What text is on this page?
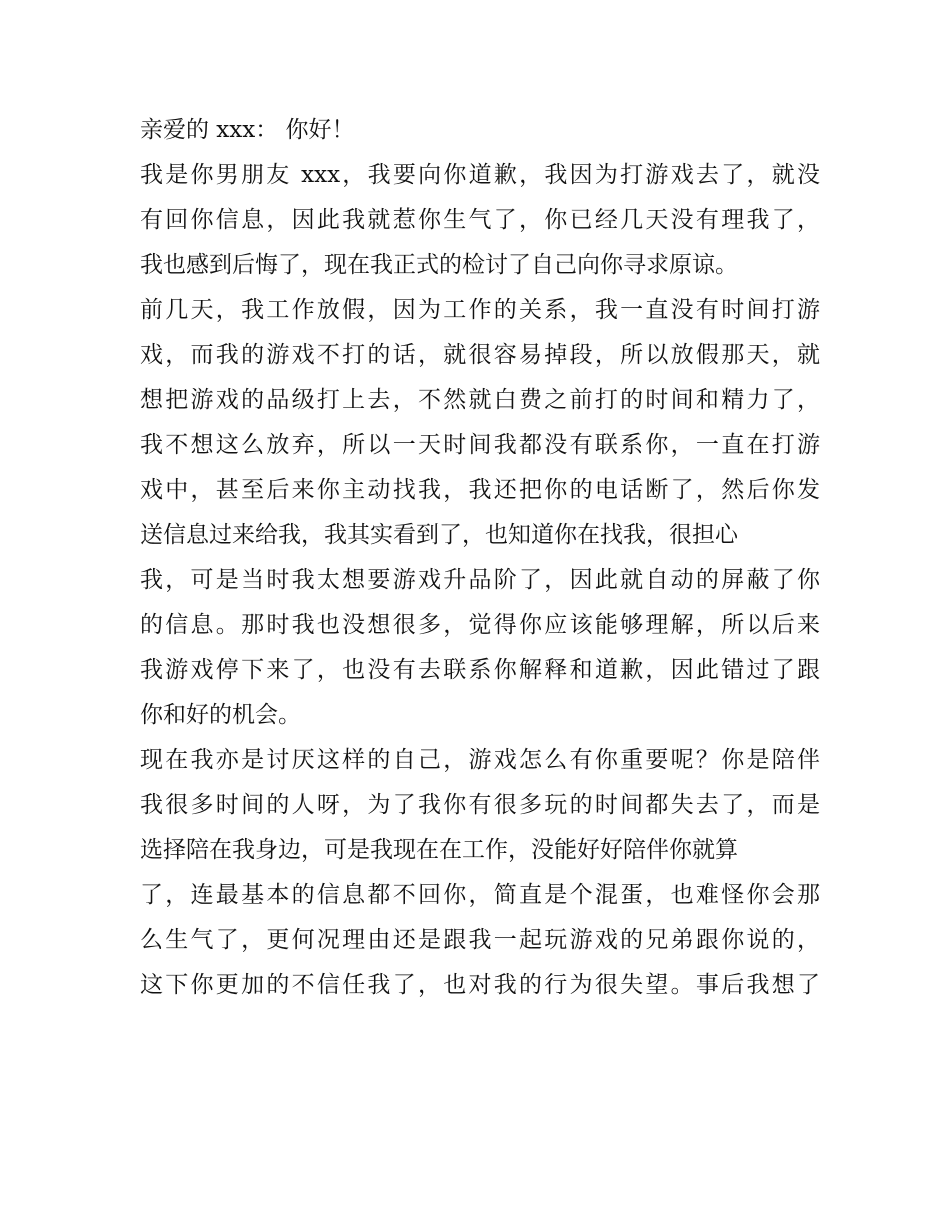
亲爱的 xxx： 你好！
我是你男朋友 xxx，我要向你道歉，我因为打游戏去了，就没
有回你信息，因此我就惹你生气了，你已经几天没有理我了，
我也感到后悔了，现在我正式的检讨了自己向你寻求原谅。
前几天，我工作放假，因为工作的关系，我一直没有时间打游
戏，而我的游戏不打的话，就很容易掉段，所以放假那天，就
想把游戏的品级打上去，不然就白费之前打的时间和精力了，
我不想这么放弃，所以一天时间我都没有联系你，一直在打游
戏中，甚至后来你主动找我，我还把你的电话断了，然后你发
送信息过来给我，我其实看到了，也知道你在找我，很担心
我，可是当时我太想要游戏升品阶了，因此就自动的屏蔽了你
的信息。那时我也没想很多，觉得你应该能够理解，所以后来
我游戏停下来了，也没有去联系你解释和道歉，因此错过了跟
你和好的机会。
现在我亦是讨厌这样的自己，游戏怎么有你重要呢？你是陪伴
我很多时间的人呀，为了我你有很多玩的时间都失去了，而是
选择陪在我身边，可是我现在在工作，没能好好陪伴你就算
了，连最基本的信息都不回你，简直是个混蛋，也难怪你会那
么生气了，更何况理由还是跟我一起玩游戏的兄弟跟你说的，
这下你更加的不信任我了，也对我的行为很失望。事后我想了
